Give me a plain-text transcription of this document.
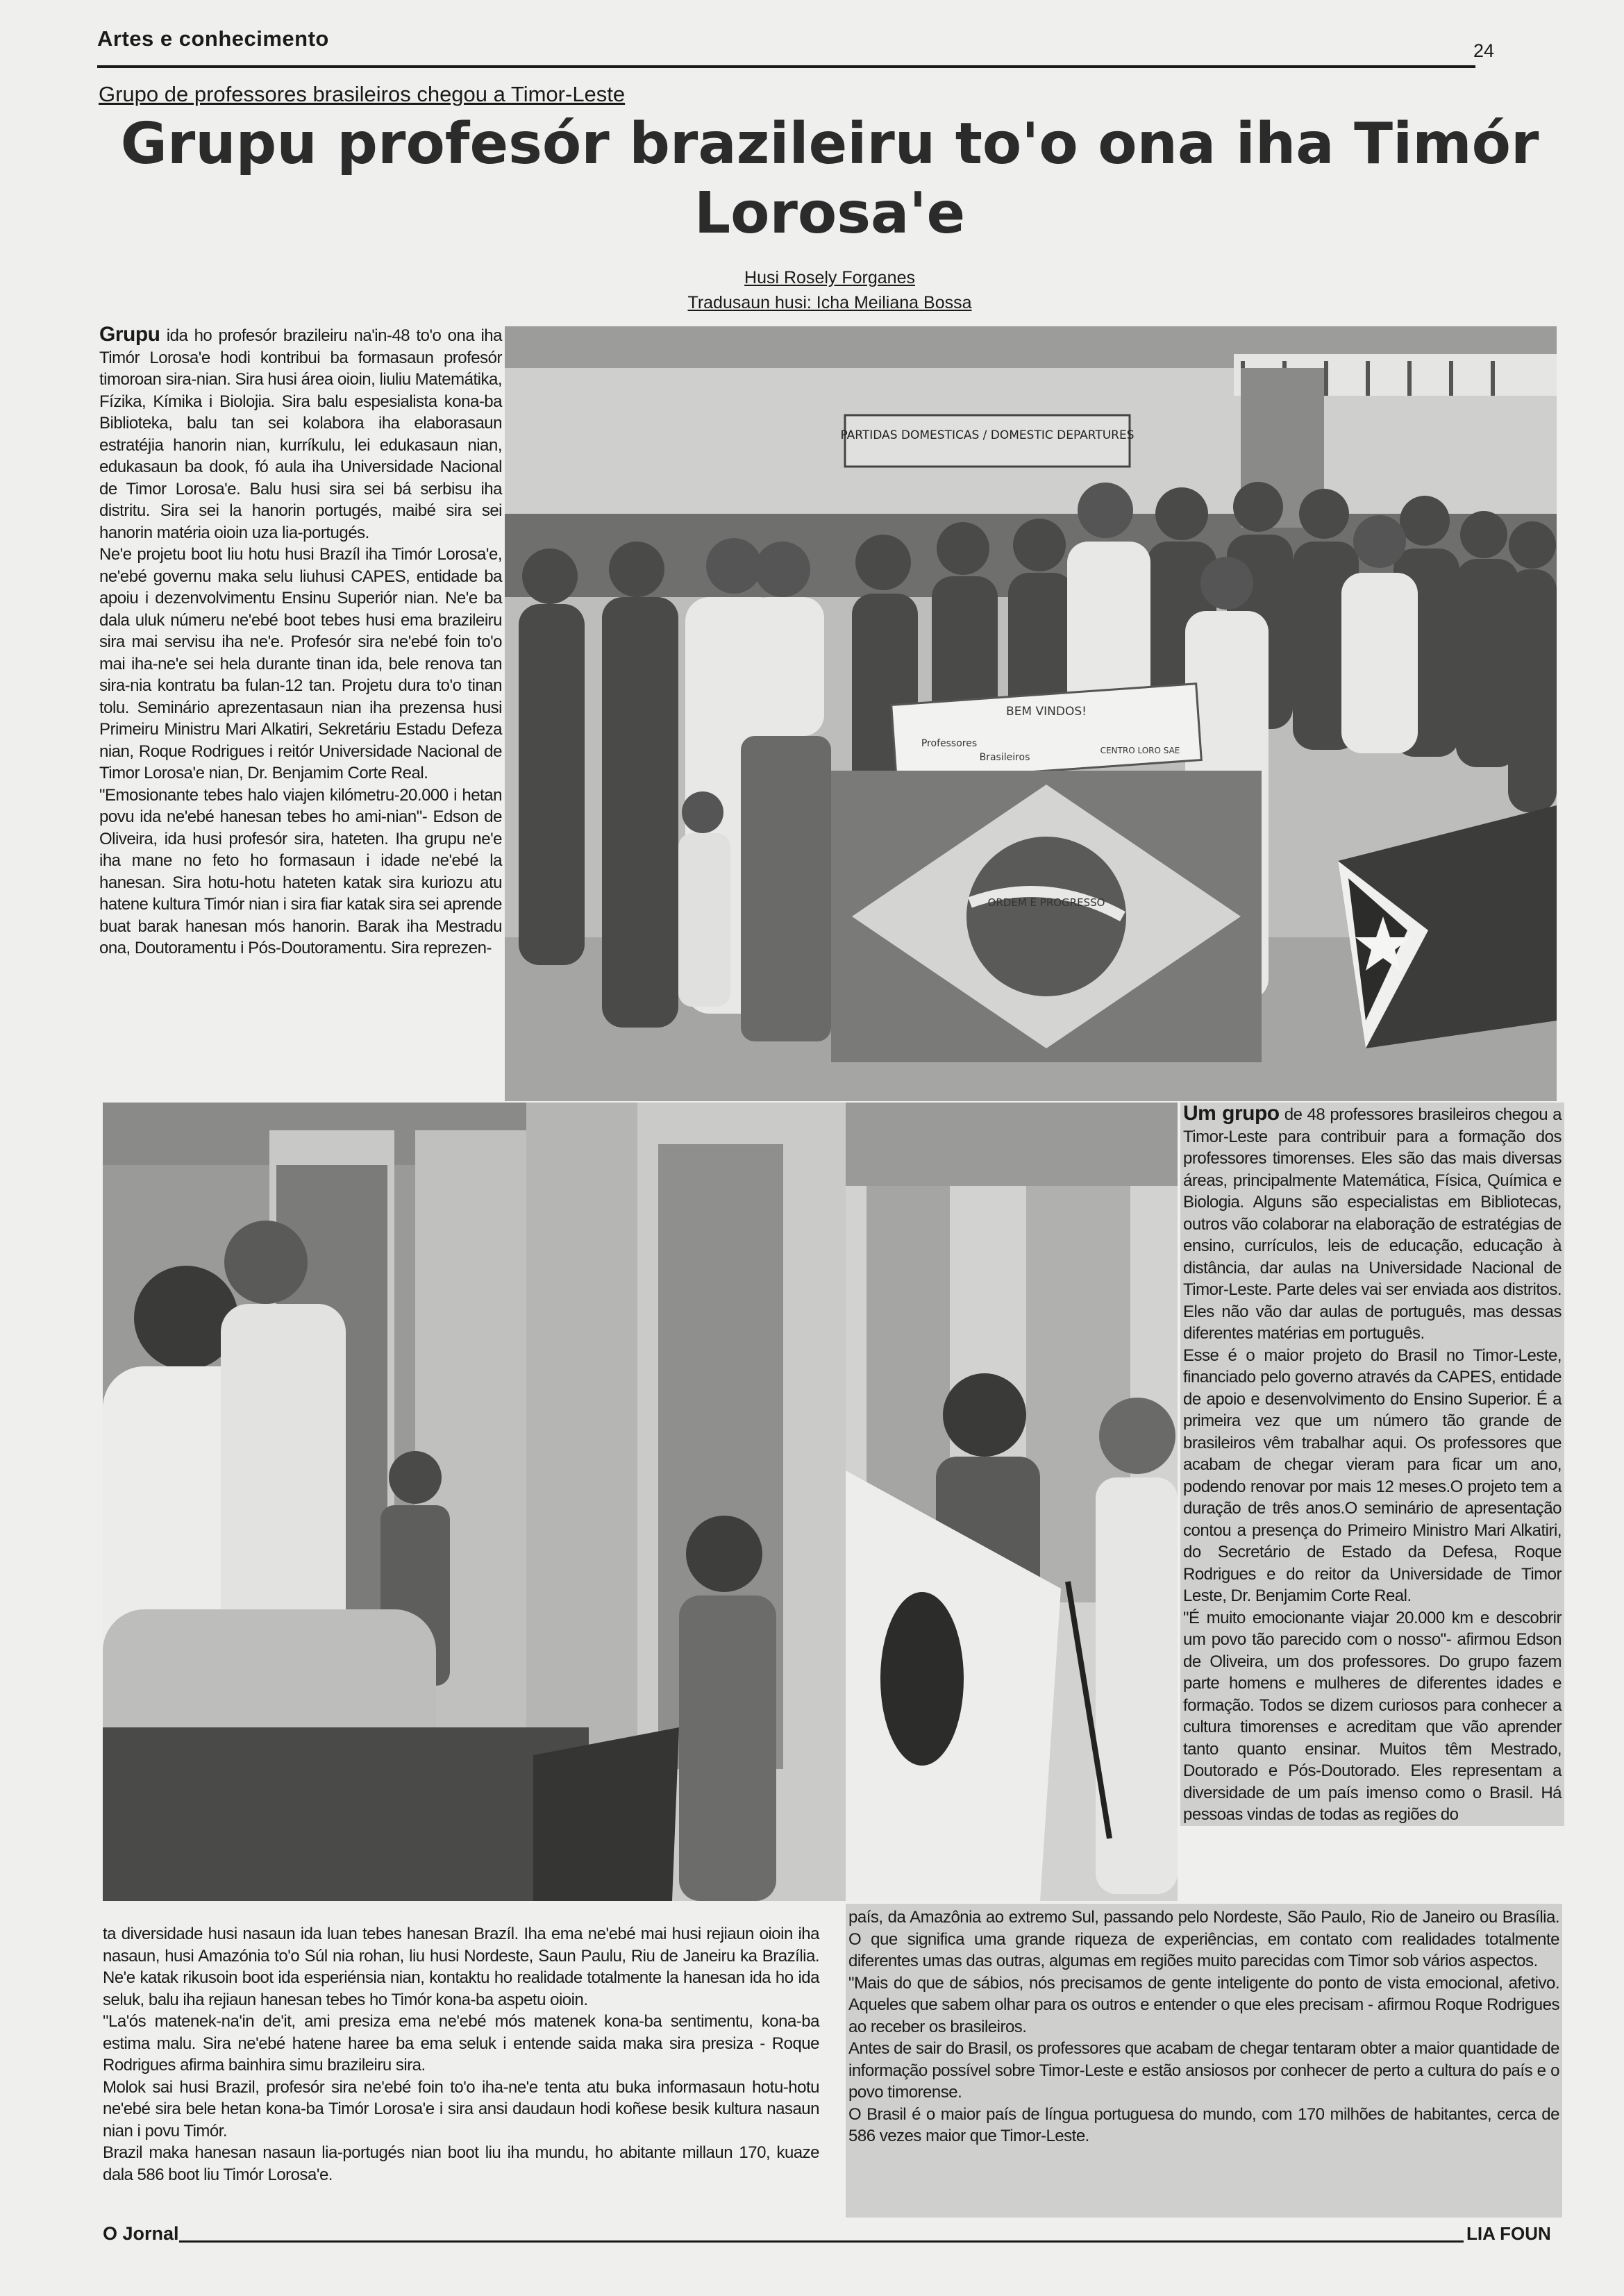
Artes e conhecimento	24
Grupo de professores brasileiros chegou a Timor-Leste
Grupu profesór brazileiru to'o ona iha Timór Lorosa'e
Husi Rosely Forganes
Tradusaun husi: Icha Meiliana Bossa

Grupu ida ho profesór brazileiru na'in-48 to'o ona iha Timór Lorosa'e hodi kontribui ba formasaun profesór timoroan sira-nian. Sira husi área oioin, liuliu Matemátika, Fízika, Kímika i Biolojia. Sira balu espesialista kona-ba Biblioteka, balu tan sei kolabora iha elaborasaun estratéjia hanorin nian, kurríkulu, lei edukasaun nian, edukasaun ba dook, fó aula iha Universidade Nacional de Timor Lorosa'e. Balu husi sira sei bá serbisu iha distritu. Sira sei la hanorin portugés, maibé sira sei hanorin matéria oioin uza lia-portugés.

Ne'e projetu boot liu hotu husi Brazíl iha Timór Lorosa'e, ne'ebé governu maka selu liuhusi CAPES, entidade ba apoiu i dezenvolvimentu Ensinu Superiór nian. Ne'e ba dala uluk númeru ne'ebé boot tebes husi ema brazileiru sira mai servisu iha ne'e. Profesór sira ne'ebé foin to'o mai iha-ne'e sei hela durante tinan ida, bele renova tan sira-nia kontratu ba fulan-12 tan. Projetu dura to'o tinan tolu. Seminário aprezentasaun nian iha prezensa husi Primeiru Ministru Mari Alkatiri, Sekretáriu Estadu Defeza nian, Roque Rodrigues i reitór Universidade Nacional de Timor Lorosa'e nian, Dr. Benjamim Corte Real.

"Emosionante tebes halo viajen kilómetru-20.000 i hetan povu ida ne'ebé hanesan tebes ho ami-nian"- Edson de Oliveira, ida husi profesór sira, hateten. Iha grupu ne'e iha mane no feto ho formasaun i idade ne'ebé la hanesan. Sira hotu-hotu hateten katak sira kuriozu atu hatene kultura Timór nian i sira fiar katak sira sei aprende buat barak hanesan mós hanorin. Barak iha Mestradu ona, Doutoramentu i Pós-Doutoramentu. Sira reprezen-

PARTIDAS DOMESTICAS / DOMESTIC DEPARTURES
BEM VINDOS!
Professores
Brasileiros
CENTRO LORO SAE
ORDEM E PROGRESSO

Um grupo de 48 professores brasileiros chegou a Timor-Leste para contribuir para a formação dos professores timorenses. Eles são das mais diversas áreas, principalmente Matemática, Física, Química e Biologia. Alguns são especialistas em Bibliotecas, outros vão colaborar na elaboração de estratégias de ensino, currículos, leis de educação, educação à distância, dar aulas na Universidade Nacional de Timor-Leste. Parte deles vai ser enviada aos distritos. Eles não vão dar aulas de português, mas dessas diferentes matérias em português.

Esse é o maior projeto do Brasil no Timor-Leste, financiado pelo governo através da CAPES, entidade de apoio e desenvolvimento do Ensino Superior. É a primeira vez que um número tão grande de brasileiros vêm trabalhar aqui. Os professores que acabam de chegar vieram para ficar um ano, podendo renovar por mais 12 meses.O projeto tem a duração de três anos.O seminário de apresentação contou a presença do Primeiro Ministro Mari Alkatiri, do Secretário de Estado da Defesa, Roque Rodrigues e do reitor da Universidade de Timor Leste, Dr. Benjamim Corte Real.

"É muito emocionante viajar 20.000 km e descobrir um povo tão parecido com o nosso"- afirmou Edson de Oliveira, um dos professores. Do grupo fazem parte homens e mulheres de diferentes idades e formação. Todos se dizem curiosos para conhecer a cultura timorenses e acreditam que vão aprender tanto quanto ensinar. Muitos têm Mestrado, Doutorado e Pós-Doutorado. Eles representam a diversidade de um país imenso como o Brasil. Há pessoas vindas de todas as regiões do

ta diversidade husi nasaun ida luan tebes hanesan Brazíl. Iha ema ne'ebé mai husi rejiaun oioin iha nasaun, husi Amazónia to'o Súl nia rohan, liu husi Nordeste, Saun Paulu, Riu de Janeiru ka Brazília. Ne'e katak rikusoin boot ida esperiénsia nian, kontaktu ho realidade totalmente la hanesan ida ho ida seluk, balu iha rejiaun hanesan tebes ho Timór kona-ba aspetu oioin.

"La'ós matenek-na'in de'it, ami presiza ema ne'ebé mós matenek kona-ba sentimentu, kona-ba estima malu. Sira ne'ebé hatene haree ba ema seluk i entende saida maka sira presiza - Roque Rodrigues afirma bainhira simu brazileiru sira.

Molok sai husi Brazil, profesór sira ne'ebé foin to'o iha-ne'e tenta atu buka informasaun hotu-hotu ne'ebé sira bele hetan kona-ba Timór Lorosa'e i sira ansi daudaun hodi koñese besik kultura nasaun nian i povu Timór.

Brazil maka hanesan nasaun lia-portugés nian boot liu iha mundu, ho abitante millaun 170, kuaze dala 586 boot liu Timór Lorosa'e.

país, da Amazônia ao extremo Sul, passando pelo Nordeste, São Paulo, Rio de Janeiro ou Brasília. O que significa uma grande riqueza de experiências, em contato com realidades totalmente diferentes umas das outras, algumas em regiões muito parecidas com Timor sob vários aspectos.

"Mais do que de sábios, nós precisamos de gente inteligente do ponto de vista emocional, afetivo. Aqueles que sabem olhar para os outros e entender o que eles precisam - afirmou Roque Rodrigues ao receber os brasileiros.

Antes de sair do Brasil, os professores que acabam de chegar tentaram obter a maior quantidade de informação possível sobre Timor-Leste e estão ansiosos por conhecer de perto a cultura do país e o povo timorense.

O Brasil é o maior país de língua portuguesa do mundo, com 170 milhões de habitantes, cerca de 586 vezes maior que Timor-Leste.

O Jornal	LIA FOUN
